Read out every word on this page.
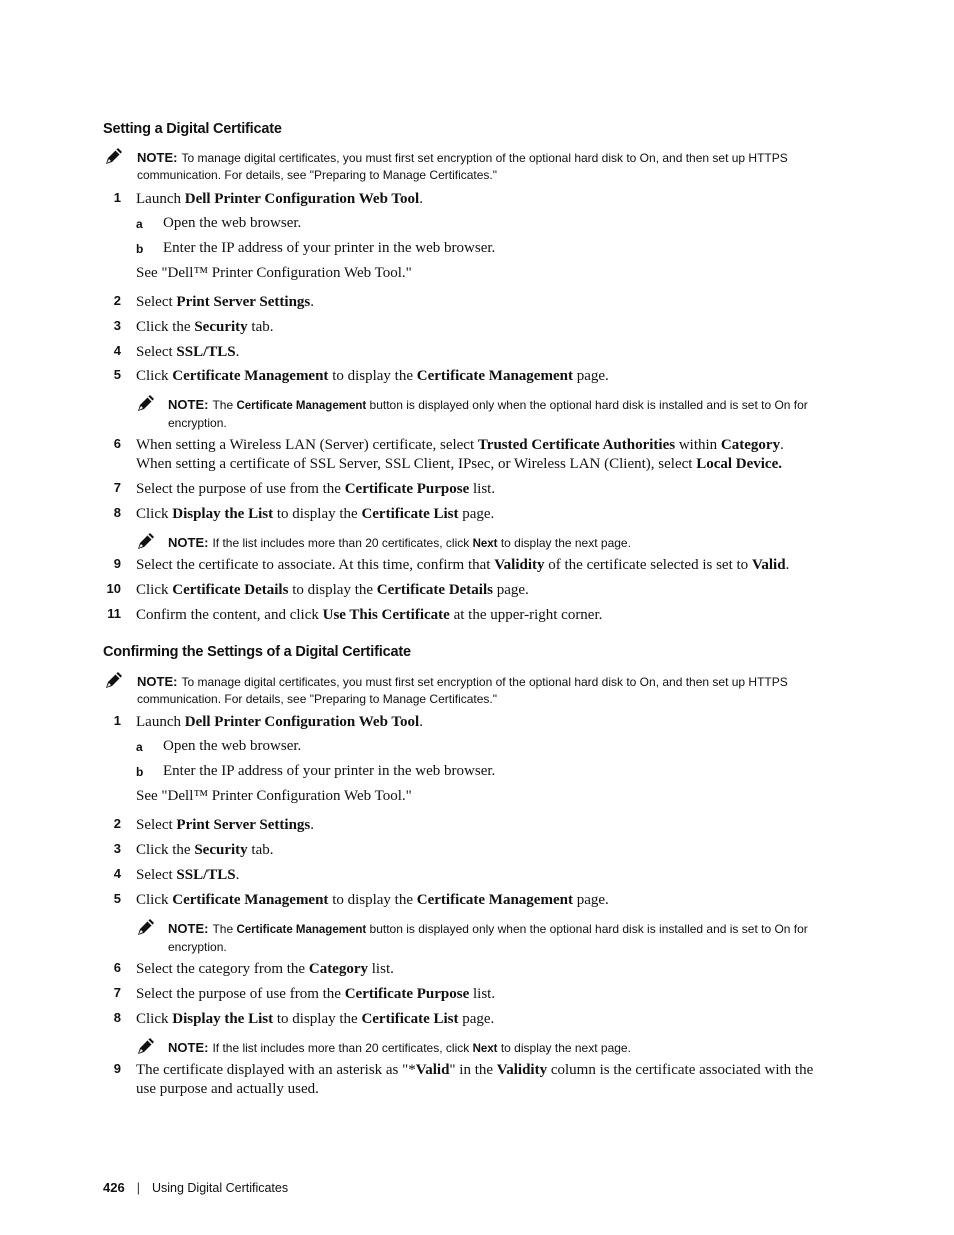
Setting a Digital Certificate
NOTE: To manage digital certificates, you must first set encryption of the optional hard disk to On, and then set up HTTPS
communication. For details, see "Preparing to Manage Certificates."
1 Launch Dell Printer Configuration Web Tool.
a Open the web browser.
b Enter the IP address of your printer in the web browser.
See "Dell™ Printer Configuration Web Tool."
2 Select Print Server Settings.
3 Click the Security tab.
4 Select SSL/TLS.
5 Click Certificate Management to display the Certificate Management page.
NOTE: The Certificate Management button is displayed only when the optional hard disk is installed and is set to On for
encryption.
6 When setting a Wireless LAN (Server) certificate, select Trusted Certificate Authorities within Category.
When setting a certificate of SSL Server, SSL Client, IPsec, or Wireless LAN (Client), select Local Device.
7 Select the purpose of use from the Certificate Purpose list.
8 Click Display the List to display the Certificate List page.
NOTE: If the list includes more than 20 certificates, click Next to display the next page.
9 Select the certificate to associate. At this time, confirm that Validity of the certificate selected is set to Valid.
10 Click Certificate Details to display the Certificate Details page.
11 Confirm the content, and click Use This Certificate at the upper-right corner.
Confirming the Settings of a Digital Certificate
NOTE: To manage digital certificates, you must first set encryption of the optional hard disk to On, and then set up HTTPS
communication. For details, see "Preparing to Manage Certificates."
1 Launch Dell Printer Configuration Web Tool.
a Open the web browser.
b Enter the IP address of your printer in the web browser.
See "Dell™ Printer Configuration Web Tool."
2 Select Print Server Settings.
3 Click the Security tab.
4 Select SSL/TLS.
5 Click Certificate Management to display the Certificate Management page.
NOTE: The Certificate Management button is displayed only when the optional hard disk is installed and is set to On for
encryption.
6 Select the category from the Category list.
7 Select the purpose of use from the Certificate Purpose list.
8 Click Display the List to display the Certificate List page.
NOTE: If the list includes more than 20 certificates, click Next to display the next page.
9 The certificate displayed with an asterisk as "*Valid" in the Validity column is the certificate associated with the
use purpose and actually used.
426 | Using Digital Certificates
